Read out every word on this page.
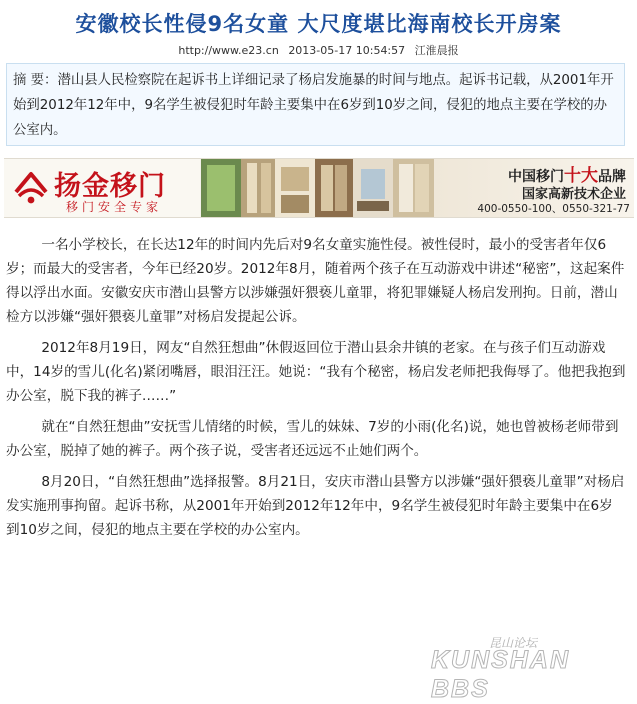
安徽校长性侵9名女童 大尺度堪比海南校长开房案
http://www.e23.cn 2013-05-17 10:54:57 江淮晨报
摘 要：潜山县人民检察院在起诉书上详细记录了杨启发施暴的时间与地点。起诉书记载，从2001年开始到2012年12年中，9名学生被侵犯时年龄主要集中在6岁到10岁之间，侵犯的地点主要在学校的办公室内。
扬金移门
移门安全专家
中国移门十大品牌
国家高新技术企业
400-0550-100、0550-321-77

一名小学校长，在长达12年的时间内先后对9名女童实施性侵。被性侵时，最小的受害者年仅6岁；而最大的受害者，今年已经20岁。2012年8月，随着两个孩子在互动游戏中讲述“秘密”，这起案件得以浮出水面。安徽安庆市潜山县警方以涉嫌强奸猥亵儿童罪，将犯罪嫌疑人杨启发刑拘。日前，潜山检方以涉嫌“强奸猥亵儿童罪”对杨启发提起公诉。

2012年8月19日，网友“自然狂想曲”休假返回位于潜山县余井镇的老家。在与孩子们互动游戏中，14岁的雪儿(化名)紧闭嘴唇，眼泪汪汪。她说：“我有个秘密，杨启发老师把我侮辱了。他把我抱到办公室，脱下我的裤子……”

就在“自然狂想曲”安抚雪儿情绪的时候，雪儿的妹妹、7岁的小雨(化名)说，她也曾被杨老师带到办公室，脱掉了她的裤子。两个孩子说，受害者还远远不止她们两个。

8月20日，“自然狂想曲”选择报警。8月21日，安庆市潜山县警方以涉嫌“强奸猥亵儿童罪”对杨启发实施刑事拘留。起诉书称，从2001年开始到2012年12年中，9名学生被侵犯时年龄主要集中在6岁到10岁之间，侵犯的地点主要在学校的办公室内。

昆山论坛
KUNSHAN BBS
